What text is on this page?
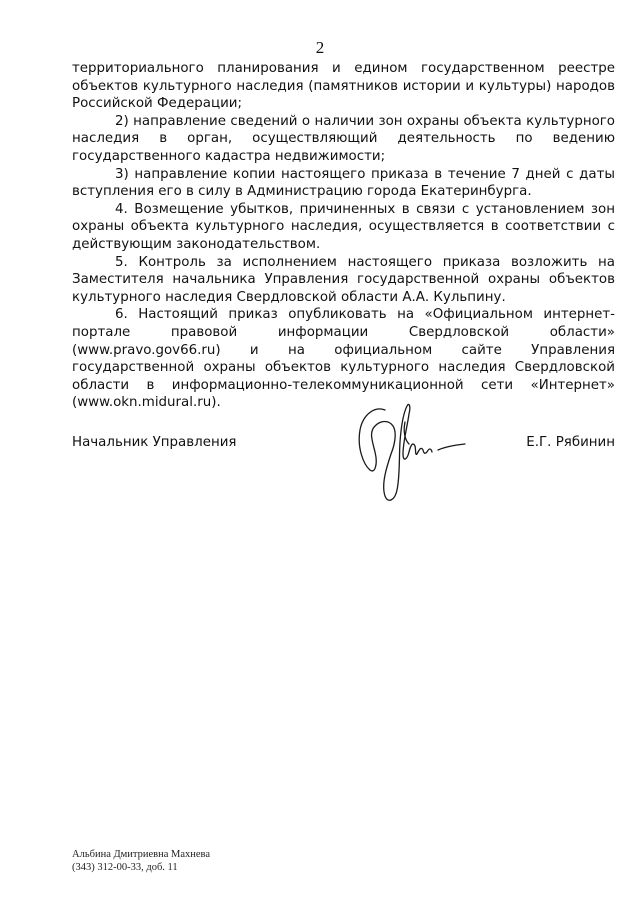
2

территориального планирования и едином государственном реестре объектов культурного наследия (памятников истории и культуры) народов Российской Федерации;

2) направление сведений о наличии зон охраны объекта культурного наследия в орган, осуществляющий деятельность по ведению государственного кадастра недвижимости;

3) направление копии настоящего приказа в течение 7 дней с даты вступления его в силу в Администрацию города Екатеринбурга.

4. Возмещение убытков, причиненных в связи с установлением зон охраны объекта культурного наследия, осуществляется в соответствии с действующим законодательством.

5. Контроль за исполнением настоящего приказа возложить на Заместителя начальника Управления государственной охраны объектов культурного наследия Свердловской области А.А. Кульпину.

6. Настоящий приказ опубликовать на «Официальном интернет-портале правовой информации Свердловской области» (www.pravo.gov66.ru) и на официальном сайте Управления государственной охраны объектов культурного наследия Свердловской области в информационно-телекоммуникационной сети «Интернет» (www.okn.midural.ru).

Начальник Управления	Е.Г. Рябинин
Альбина Дмитриевна Махнева
(343) 312-00-33, доб. 11
